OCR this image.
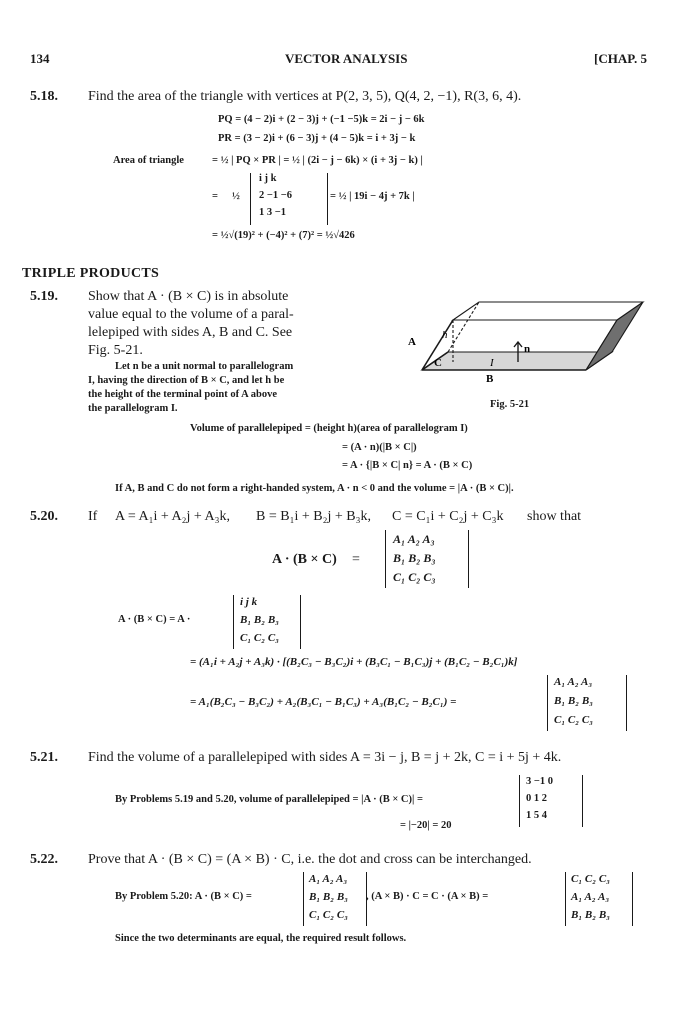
134	VECTOR ANALYSIS	[CHAP. 5
5.18. Find the area of the triangle with vertices at P(2, 3, 5), Q(4, 2, −1), R(3, 6, 4).
PQ = (4 − 2)i + (2 − 3)j + (−1 −5)k = 2i − j − 6k
PR = (3 − 2)i + (6 − 3)j + (4 − 5)k = i + 3j − k
Area of triangle	= ½ | PQ × PR | = ½ | (2i − j − 6k) × (i + 3j − k) |
= ½
i j k
2 −1 −6
1 3 −1
= ½ | 19i − 4j + 7k |
= ½√(19)² + (−4)² + (7)² = ½√426
TRIPLE PRODUCTS
5.19. Show that A · (B × C) is in absolute
value equal to the volume of a paral-
lelepiped with sides A, B and C. See
Fig. 5-21.
Let n be a unit normal to parallelogram
I, having the direction of B × C, and let h be
the height of the terminal point of A above
the parallelogram I.
A
h
n
C	I
B
Fig. 5-21
Volume of parallelepiped = (height h)(area of parallelogram I)
= (A · n)(|B × C|)
= A · {|B × C| n} = A · (B × C)
If A, B and C do not form a right-handed system, A · n < 0 and the volume = |A · (B × C)|.
5.20. If A = A₁i + A₂j + A₃k, B = B₁i + B₂j + B₃k, C = C₁i + C₂j + C₃k show that
A · (B × C) =
A₁ A₂ A₃
B₁ B₂ B₃
C₁ C₂ C₃
A · (B × C) = A ·
i j k
B₁ B₂ B₃
C₁ C₂ C₃
= (A₁i + A₂j + A₃k) · [(B₂C₃ − B₃C₂)i + (B₃C₁ − B₁C₃)j + (B₁C₂ − B₂C₁)k]
= A₁(B₂C₃ − B₃C₂) + A₂(B₃C₁ − B₁C₃) + A₃(B₁C₂ − B₂C₁) =
A₁ A₂ A₃
B₁ B₂ B₃
C₁ C₂ C₃
5.21. Find the volume of a parallelepiped with sides A = 3i − j, B = j + 2k, C = i + 5j + 4k.
By Problems 5.19 and 5.20, volume of parallelepiped = |A · (B × C)| =
3 −1 0
0 1 2
1 5 4
= |−20| = 20
5.22. Prove that A · (B × C) = (A × B) · C, i.e. the dot and cross can be interchanged.
By Problem 5.20: A · (B × C) =
A₁ A₂ A₃
B₁ B₂ B₃
C₁ C₂ C₃
, (A × B) · C = C · (A × B) =
C₁ C₂ C₃
A₁ A₂ A₃
B₁ B₂ B₃
Since the two determinants are equal, the required result follows.
